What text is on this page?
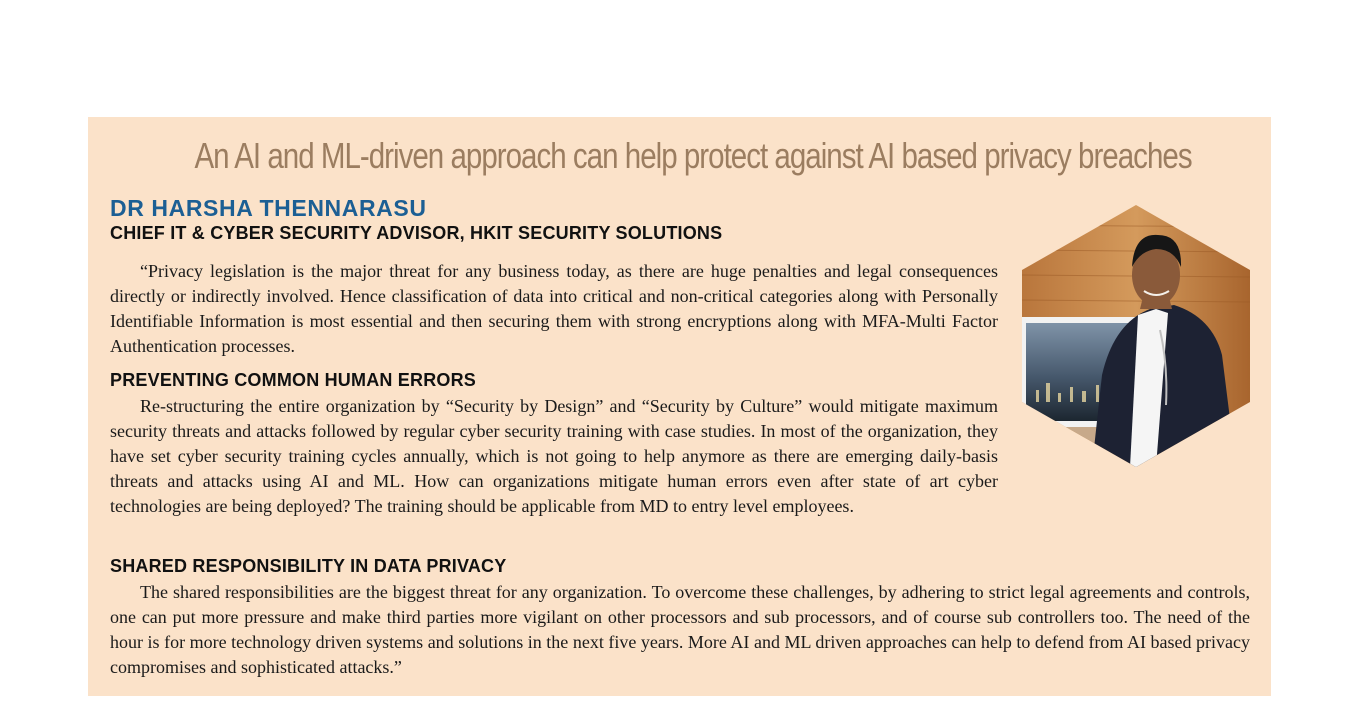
An AI and ML-driven approach can help protect against AI based privacy breaches
DR HARSHA THENNARASU
CHIEF IT & CYBER SECURITY ADVISOR, HKIT SECURITY SOLUTIONS
“Privacy legislation is the major threat for any business today, as there are huge penalties and legal consequences directly or indirectly involved. Hence classification of data into critical and non-critical categories along with Personally Identifiable Information is most essential and then securing them with strong encryptions along with MFA-Multi Factor Authentication processes.
PREVENTING COMMON HUMAN ERRORS
Re-structuring the entire organization by “Security by Design” and “Security by Culture” would mitigate maximum security threats and attacks followed by regular cyber security training with case studies. In most of the organization, they have set cyber security training cycles annually, which is not going to help anymore as there are emerging daily-basis threats and attacks using AI and ML. How can organizations mitigate human errors even after state of art cyber technologies are being deployed? The training should be applicable from MD to entry level employees.
SHARED RESPONSIBILITY IN DATA PRIVACY
The shared responsibilities are the biggest threat for any organization. To overcome these challenges, by adhering to strict legal agreements and controls, one can put more pressure and make third parties more vigilant on other processors and sub processors, and of course sub controllers too. The need of the hour is for more technology driven systems and solutions in the next five years. More AI and ML driven approaches can help to defend from AI based privacy compromises and sophisticated attacks.”
